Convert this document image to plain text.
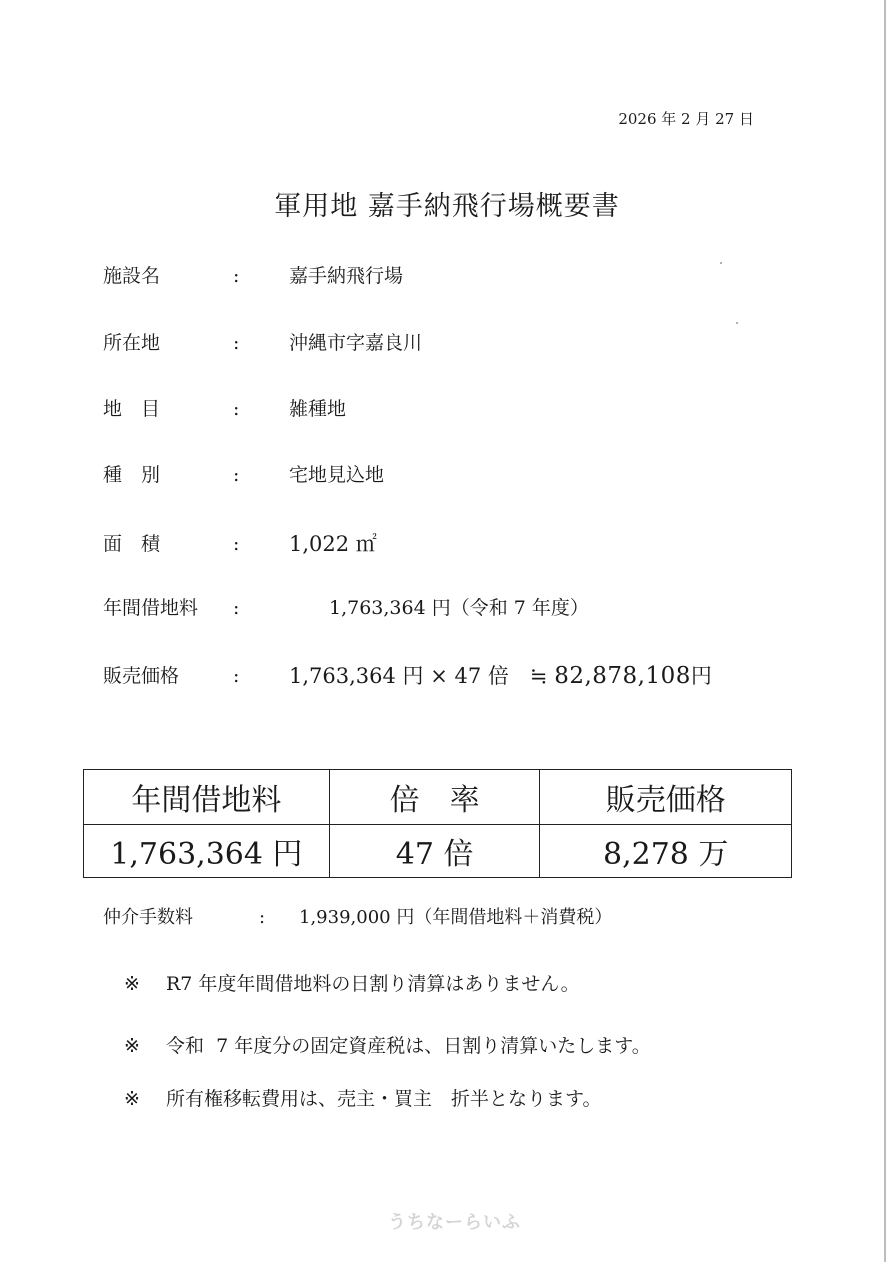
2026 年 2 月 27 日
軍用地 嘉手納飛行場概要書
施設名	:	嘉手納飛行場
所在地	:	沖縄市字嘉良川
地　目	:	雑種地
種　別	:	宅地見込地
面　積	: 1,022 ㎡
年間借地料 :	1,763,364 円（令和 7 年度）
販売価格	: 1,763,364 円 × 47 倍　≒ 82,878,108円
年間借地料	倍　率	販売価格
1,763,364 円	47 倍	8,278 万
仲介手数料	: 1,939,000 円（年間借地料＋消費税）

※

R7 年度年間借地料の日割り清算はありません。

※

令和  7 年度分の固定資産税は、日割り清算いたします。

※

所有権移転費用は、売主・買主　折半となります。

うちなーらいふ
